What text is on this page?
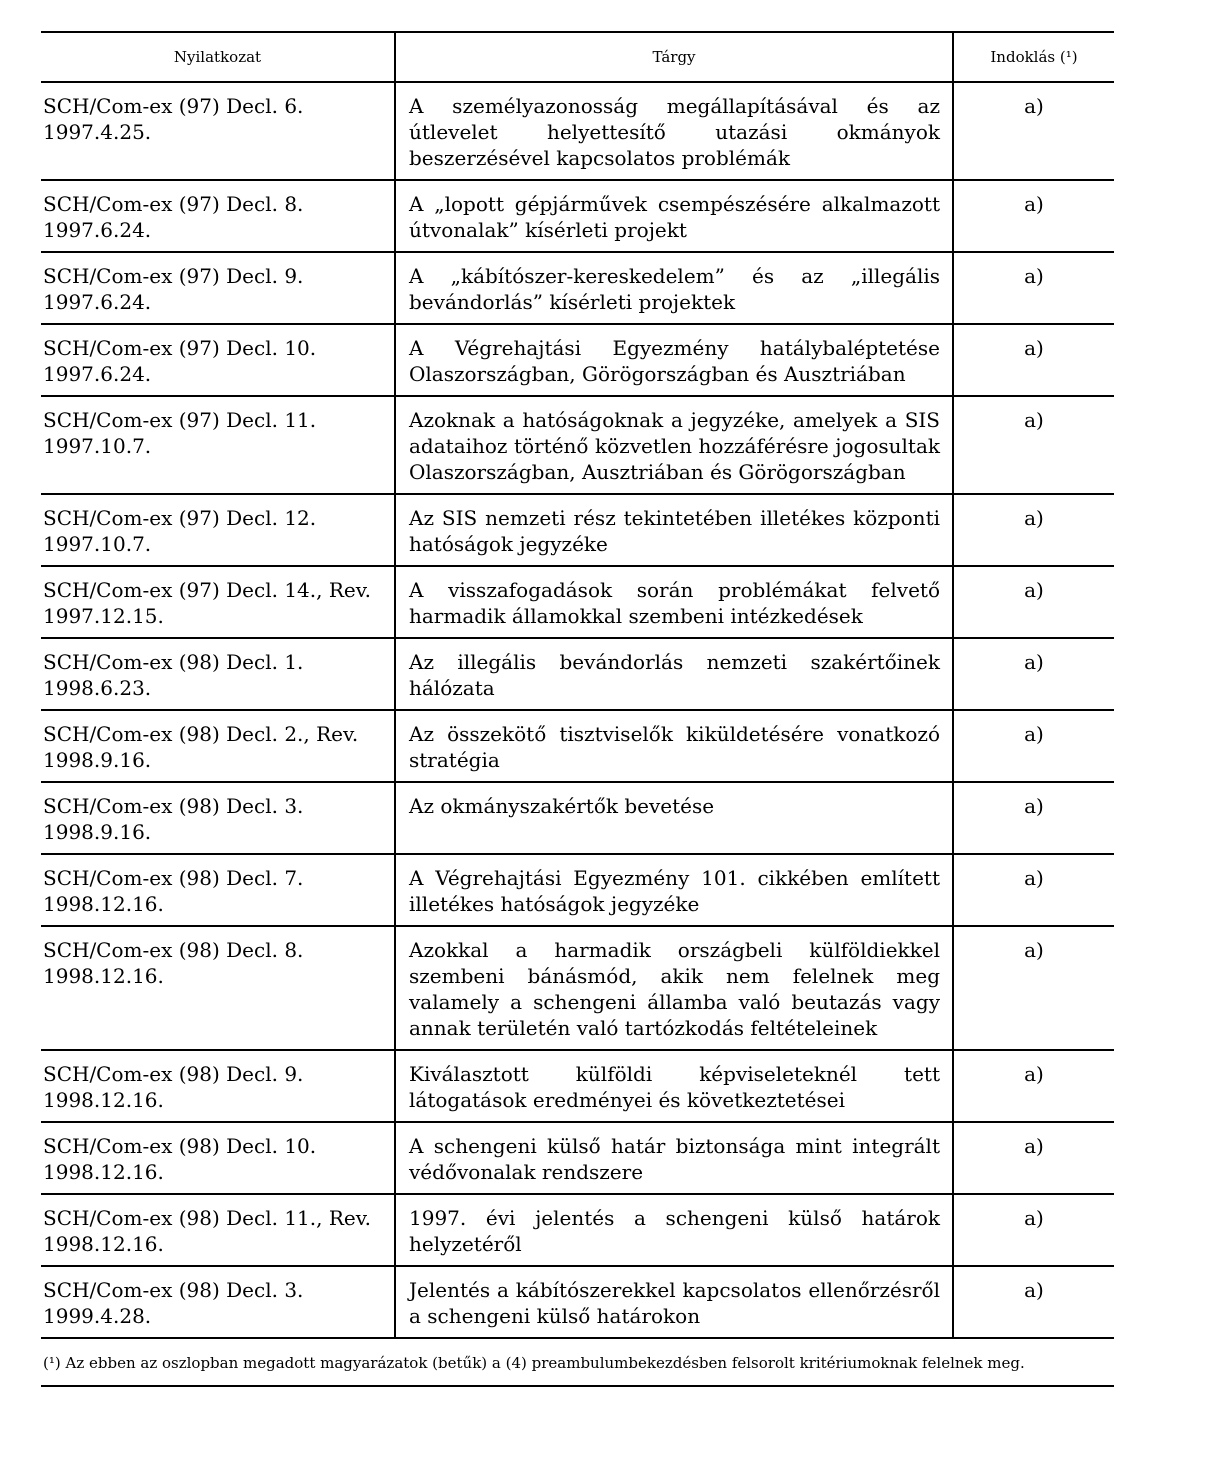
Nyilatkozat	Tárgy	Indoklás (¹)

SCH/Com-ex (97) Decl. 6.
1997.4.25.	A személyazonosság megállapításával és az útlevelet helyettesítő utazási okmányok beszerzésével kapcsolatos problémák	a)

SCH/Com-ex (97) Decl. 8.
1997.6.24.	A „lopott gépjárművek csempészésére alkalmazott útvonalak” kísérleti projekt	a)

SCH/Com-ex (97) Decl. 9.
1997.6.24.	A „kábítószer-kereskedelem” és az „illegális bevándorlás” kísérleti projektek	a)

SCH/Com-ex (97) Decl. 10.
1997.6.24.	A Végrehajtási Egyezmény hatálybaléptetése Olaszországban, Görögországban és Ausztriában	a)

SCH/Com-ex (97) Decl. 11.
1997.10.7.	Azoknak a hatóságoknak a jegyzéke, amelyek a SIS adataihoz történő közvetlen hozzáférésre jogosultak Olaszországban, Ausztriában és Görögországban	a)

SCH/Com-ex (97) Decl. 12.
1997.10.7.	Az SIS nemzeti rész tekintetében illetékes központi hatóságok jegyzéke	a)

SCH/Com-ex (97) Decl. 14., Rev.
1997.12.15.	A visszafogadások során problémákat felvető harmadik államokkal szembeni intézkedések	a)

SCH/Com-ex (98) Decl. 1.
1998.6.23.	Az illegális bevándorlás nemzeti szakértőinek hálózata	a)

SCH/Com-ex (98) Decl. 2., Rev.
1998.9.16.	Az összekötő tisztviselők kiküldetésére vonatkozó stratégia	a)

SCH/Com-ex (98) Decl. 3.
1998.9.16.	Az okmányszakértők bevetése	a)

SCH/Com-ex (98) Decl. 7.
1998.12.16.	A Végrehajtási Egyezmény 101. cikkében említett illetékes hatóságok jegyzéke	a)

SCH/Com-ex (98) Decl. 8.
1998.12.16.	Azokkal a harmadik országbeli külföldiekkel szembeni bánásmód, akik nem felelnek meg valamely a schengeni államba való beutazás vagy annak területén való tartózkodás feltételeinek	a)

SCH/Com-ex (98) Decl. 9.
1998.12.16.	Kiválasztott külföldi képviseleteknél tett látogatások eredményei és következtetései	a)

SCH/Com-ex (98) Decl. 10.
1998.12.16.	A schengeni külső határ biztonsága mint integrált védővonalak rendszere	a)

SCH/Com-ex (98) Decl. 11., Rev.
1998.12.16.	1997. évi jelentés a schengeni külső határok helyzetéről	a)

SCH/Com-ex (98) Decl. 3.
1999.4.28.	Jelentés a kábítószerekkel kapcsolatos ellenőrzésről a schengeni külső határokon	a)
(¹) Az ebben az oszlopban megadott magyarázatok (betűk) a (4) preambulumbekezdésben felsorolt kritériumoknak felelnek meg.		
